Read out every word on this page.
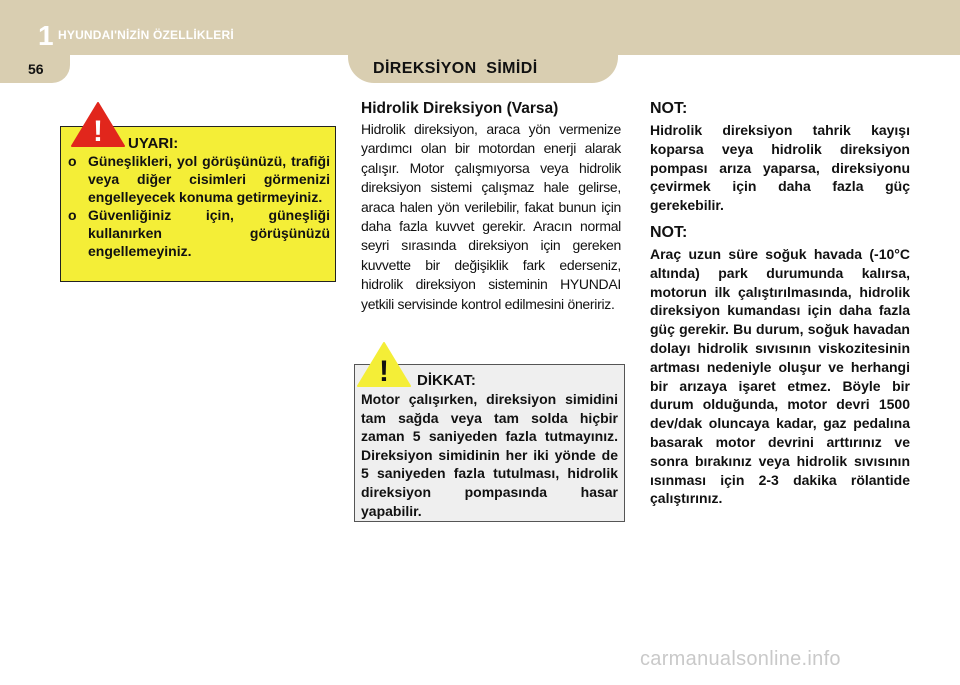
1 HYUNDAI'NİZİN ÖZELLİKLERİ
56	DİREKSİYON  SİMİDİ
! UYARI:
o Güneşlikleri, yol görüşünüzü, trafiği veya diğer cisimleri görmenizi engelleyecek konuma getirmeyiniz.
o Güvenliğiniz için, güneşliği kullanırken görüşünüzü engellemeyiniz.
Hidrolik Direksiyon (Varsa)
Hidrolik direksiyon, araca yön vermenize yardımcı olan bir motordan enerji alarak çalışır. Motor çalışmıyorsa veya hidrolik direksiyon sistemi çalışmaz hale gelirse, araca halen yön verilebilir, fakat bunun için daha fazla kuvvet gerekir. Aracın normal seyri sırasında direksiyon için gereken kuvvette bir değişiklik fark ederseniz, hidrolik direksiyon sisteminin HYUNDAI yetkili servisinde kontrol edilmesini öneririz.
! DİKKAT:
Motor çalışırken, direksiyon simidini tam sağda veya tam solda hiçbir zaman 5 saniyeden fazla tutmayınız. Direksiyon simidinin her iki yönde de 5 saniyeden fazla tutulması, hidrolik direksiyon pompasında hasar yapabilir.
NOT:
Hidrolik direksiyon tahrik kayışı koparsa veya hidrolik direksiyon pompası arıza yaparsa, direksiyonu çevirmek için daha fazla güç gerekebilir.
NOT:
Araç uzun süre soğuk havada (-10°C altında) park durumunda kalırsa, motorun ilk çalıştırılmasında, hidrolik direksiyon kumandası için daha fazla güç gerekir. Bu durum, soğuk havadan dolayı hidrolik sıvısının viskozitesinin artması nedeniyle oluşur ve herhangi bir arızaya işaret etmez. Böyle bir durum olduğunda, motor devri 1500 dev/dak oluncaya kadar, gaz pedalına basarak motor devrini arttırınız ve sonra bırakınız veya hidrolik sıvısının ısınması için 2-3 dakika rölantide çalıştırınız.
carmanualsonline.info
